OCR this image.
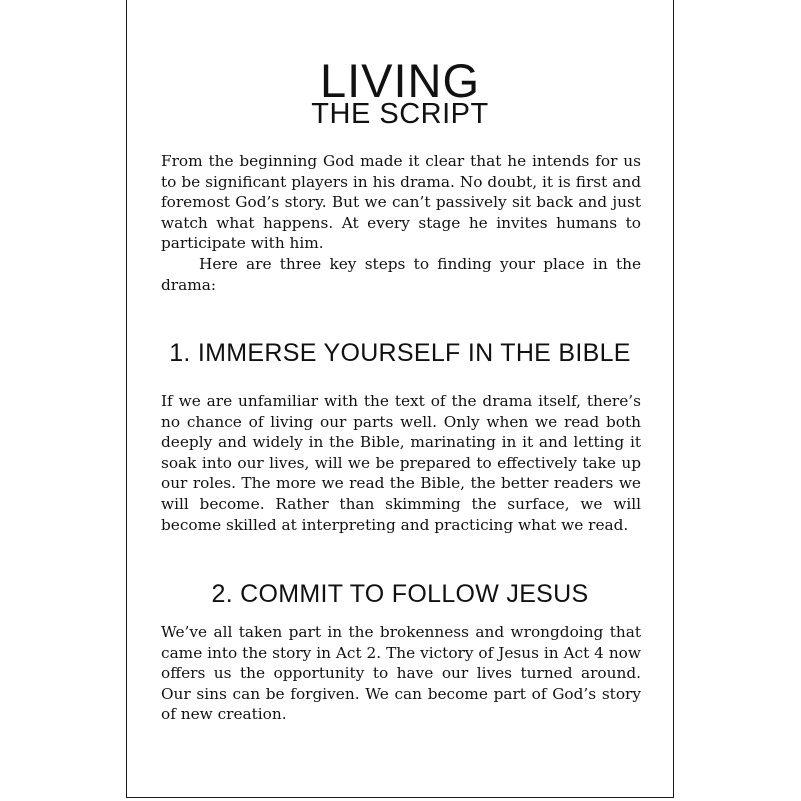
LIVING
THE SCRIPT

From the beginning God made it clear that he intends for us to be significant players in his drama. No doubt, it is first and foremost God’s story. But we can’t passively sit back and just watch what happens. At every stage he invites humans to participate with him.

Here are three key steps to finding your place in the drama:

1. IMMERSE YOURSELF IN THE BIBLE

If we are unfamiliar with the text of the drama itself, there’s no chance of living our parts well. Only when we read both deeply and widely in the Bible, marinating in it and letting it soak into our lives, will we be prepared to effectively take up our roles. The more we read the Bible, the better readers we will become. Rather than skimming the surface, we will become skilled at interpreting and practicing what we read.

2. COMMIT TO FOLLOW JESUS

We’ve all taken part in the brokenness and wrongdoing that came into the story in Act 2. The victory of Jesus in Act 4 now offers us the opportunity to have our lives turned around. Our sins can be forgiven. We can become part of God’s story of new creation.
